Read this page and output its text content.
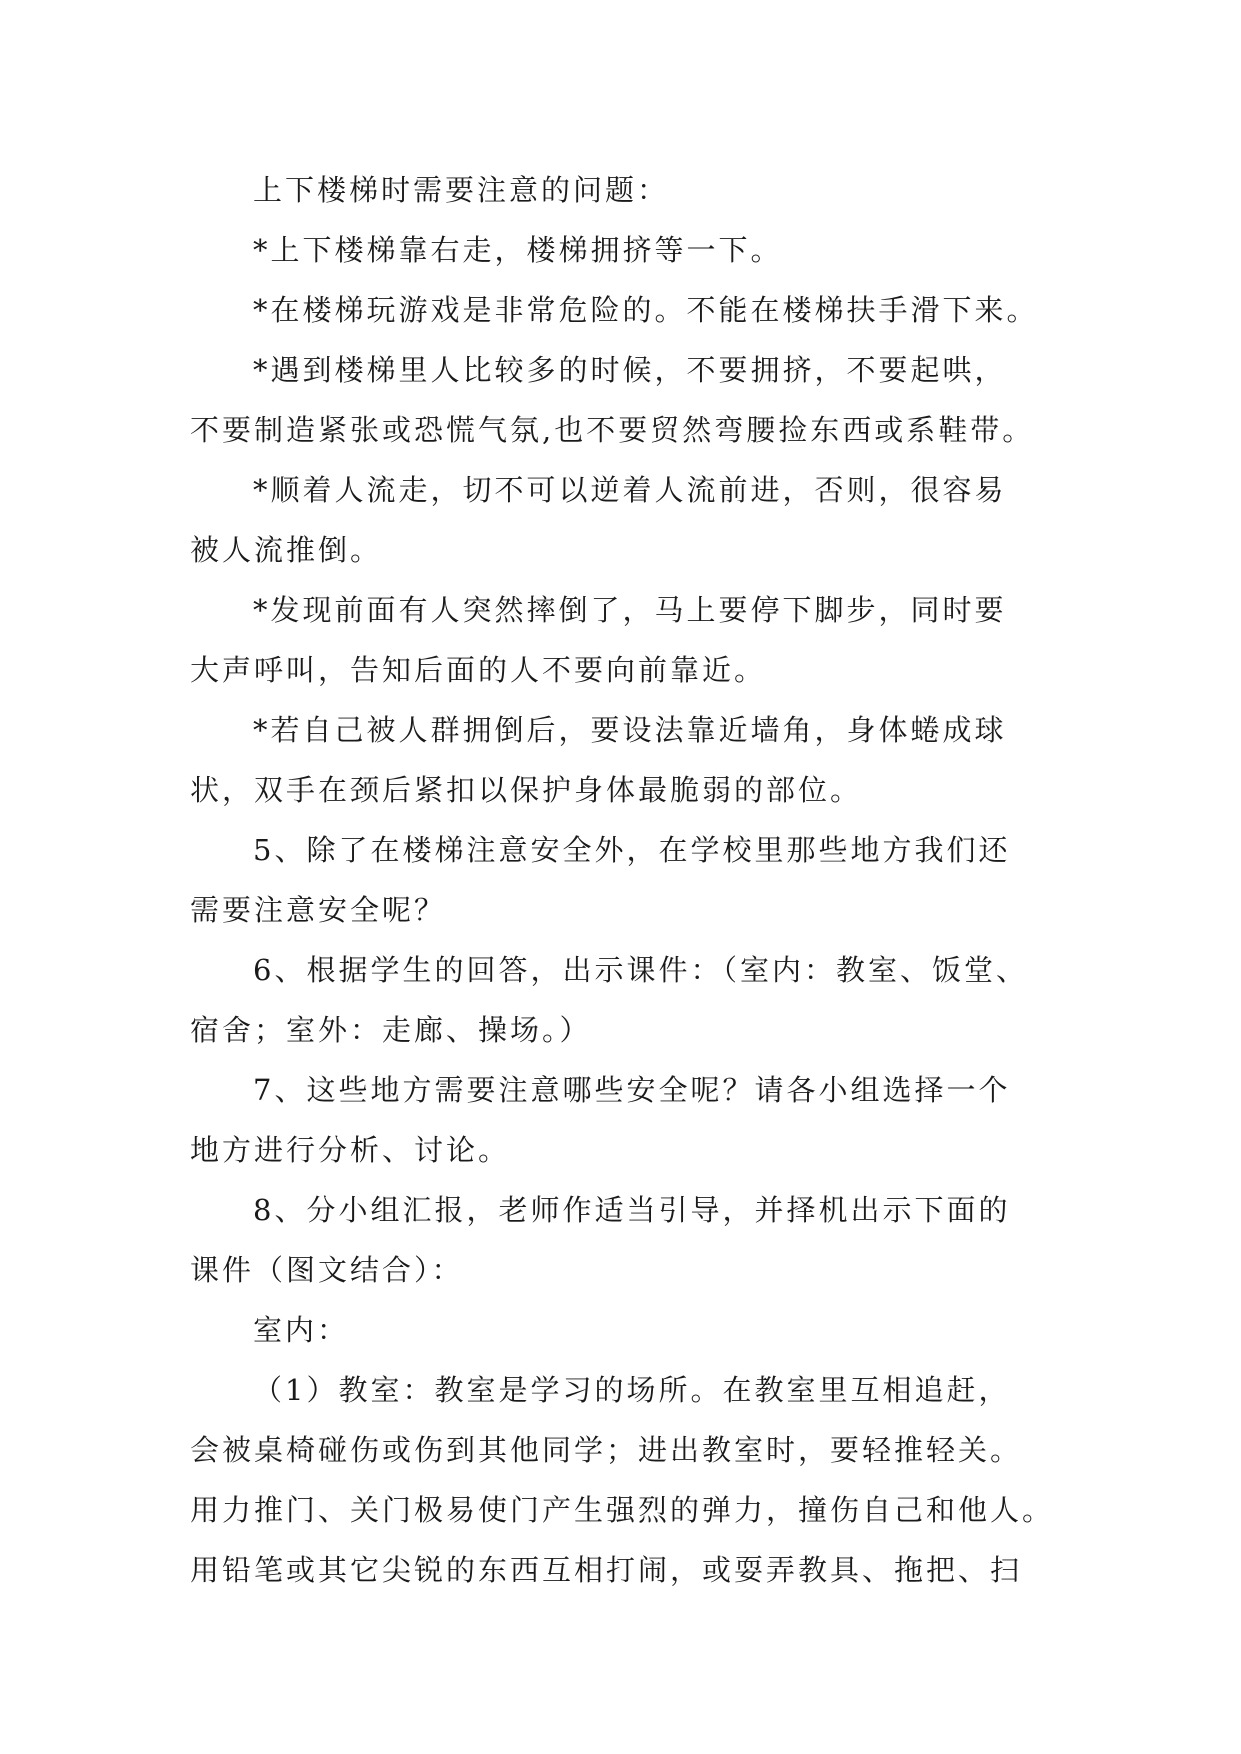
上下楼梯时需要注意的问题：
*上下楼梯靠右走，楼梯拥挤等一下。
*在楼梯玩游戏是非常危险的。不能在楼梯扶手滑下来。
*遇到楼梯里人比较多的时候，不要拥挤，不要起哄，
不要制造紧张或恐慌气氛,也不要贸然弯腰捡东西或系鞋带。
*顺着人流走，切不可以逆着人流前进，否则，很容易
被人流推倒。
*发现前面有人突然摔倒了，马上要停下脚步，同时要
大声呼叫，告知后面的人不要向前靠近。
*若自己被人群拥倒后，要设法靠近墙角，身体蜷成球
状，双手在颈后紧扣以保护身体最脆弱的部位。
5、除了在楼梯注意安全外，在学校里那些地方我们还
需要注意安全呢？
6、根据学生的回答，出示课件：（室内：教室、饭堂、
宿舍；室外：走廊、操场。）
7、这些地方需要注意哪些安全呢？请各小组选择一个
地方进行分析、讨论。
8、分小组汇报，老师作适当引导，并择机出示下面的
课件（图文结合）：
室内：
（1）教室：教室是学习的场所。在教室里互相追赶，
会被桌椅碰伤或伤到其他同学；进出教室时，要轻推轻关。
用力推门、关门极易使门产生强烈的弹力，撞伤自己和他人。
用铅笔或其它尖锐的东西互相打闹，或耍弄教具、拖把、扫
